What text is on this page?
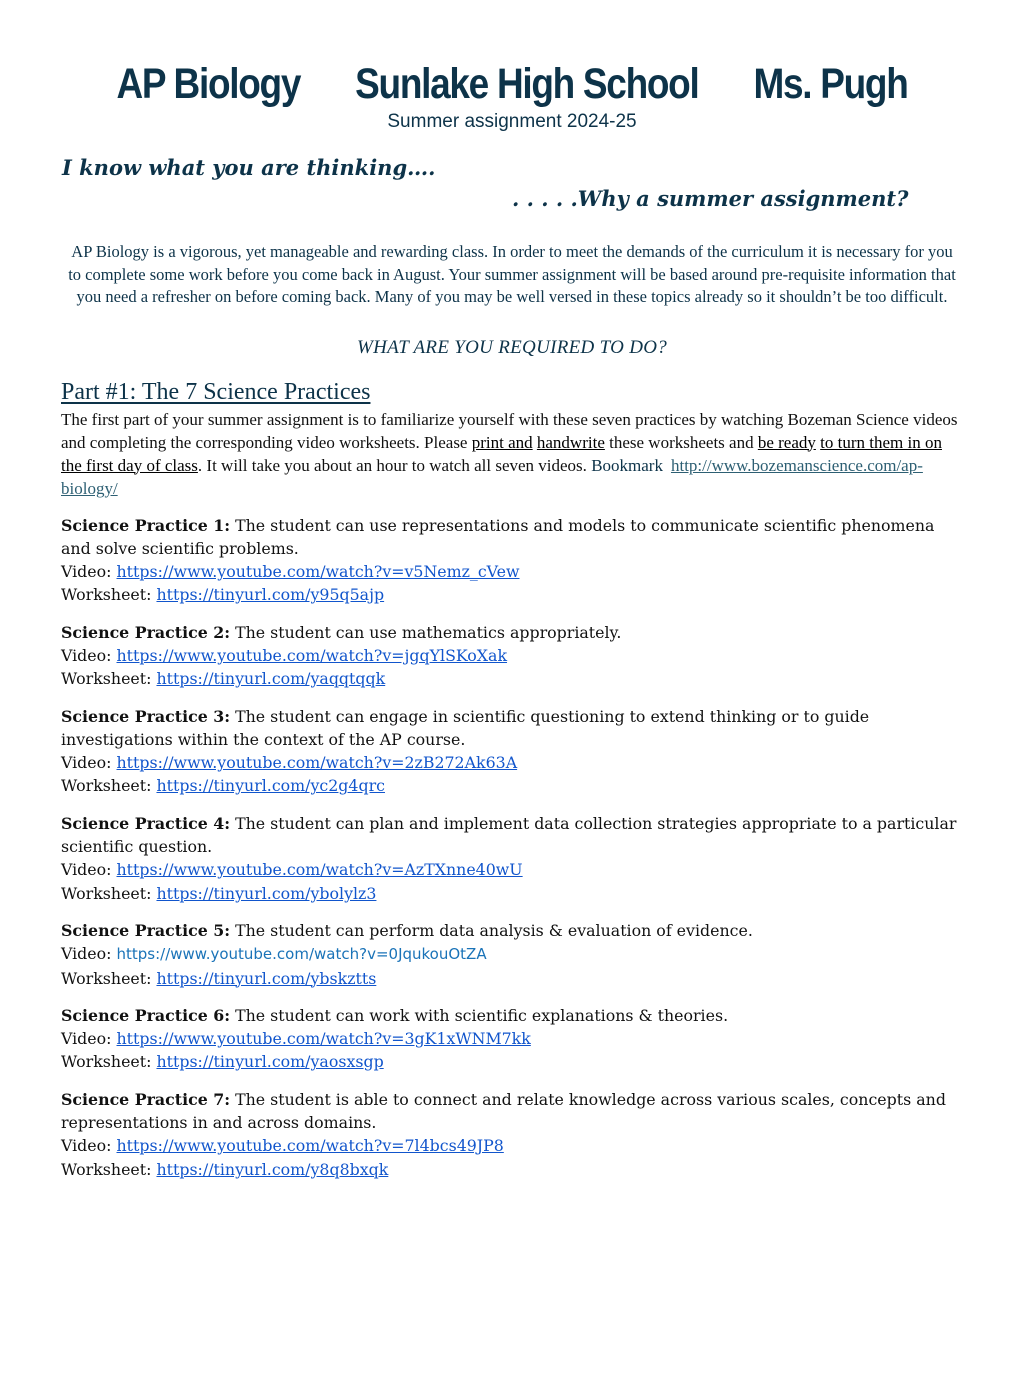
AP Biology Sunlake High School Ms. Pugh
Summer assignment 2024-25
I know what you are thinking….
. . . . .Why a summer assignment?
AP Biology is a vigorous, yet manageable and rewarding class. In order to meet the demands of the curriculum it is necessary for you to complete some work before you come back in August. Your summer assignment will be based around pre-requisite information that you need a refresher on before coming back. Many of you may be well versed in these topics already so it shouldn’t be too difficult.
WHAT ARE YOU REQUIRED TO DO?
Part #1: The 7 Science Practices
The first part of your summer assignment is to familiarize yourself with these seven practices by watching Bozeman Science videos and completing the corresponding video worksheets. Please print and handwrite these worksheets and be ready to turn them in on the first day of class. It will take you about an hour to watch all seven videos. Bookmark http://www.bozemanscience.com/ap-biology/
Science Practice 1: The student can use representations and models to communicate scientific phenomena and solve scientific problems.
Video: https://www.youtube.com/watch?v=v5Nemz_cVew
Worksheet: https://tinyurl.com/y95q5ajp
Science Practice 2: The student can use mathematics appropriately.
Video: https://www.youtube.com/watch?v=jgqYlSKoXak
Worksheet: https://tinyurl.com/yaqqtqqk
Science Practice 3: The student can engage in scientific questioning to extend thinking or to guide investigations within the context of the AP course.
Video: https://www.youtube.com/watch?v=2zB272Ak63A
Worksheet: https://tinyurl.com/yc2g4qrc
Science Practice 4: The student can plan and implement data collection strategies appropriate to a particular scientific question.
Video: https://www.youtube.com/watch?v=AzTXnne40wU
Worksheet: https://tinyurl.com/ybolylz3
Science Practice 5: The student can perform data analysis & evaluation of evidence.
Video: https://www.youtube.com/watch?v=0JqukouOtZA
Worksheet: https://tinyurl.com/ybskztts
Science Practice 6: The student can work with scientific explanations & theories.
Video: https://www.youtube.com/watch?v=3gK1xWNM7kk
Worksheet: https://tinyurl.com/yaosxsgp
Science Practice 7: The student is able to connect and relate knowledge across various scales, concepts and representations in and across domains.
Video: https://www.youtube.com/watch?v=7l4bcs49JP8
Worksheet: https://tinyurl.com/y8q8bxqk
